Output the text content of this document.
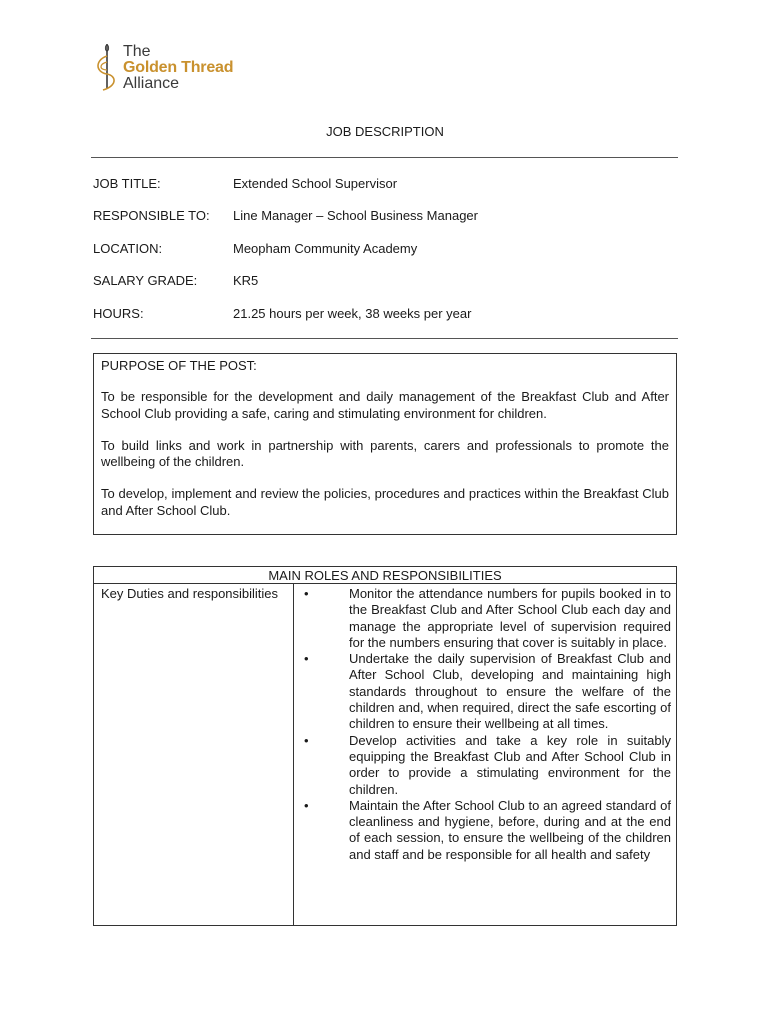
The
Golden Thread
Alliance
JOB DESCRIPTION
JOB TITLE:	Extended School Supervisor
RESPONSIBLE TO: Line Manager – School Business Manager
LOCATION:	Meopham Community Academy
SALARY GRADE:	KR5
HOURS:	21.25 hours per week, 38 weeks per year

PURPOSE OF THE POST:

To be responsible for the development and daily management of the Breakfast Club and After School Club providing a safe, caring and stimulating environment for children.

To build links and work in partnership with parents, carers and professionals to promote the wellbeing of the children.

To develop, implement and review the policies, procedures and practices within the Breakfast Club and After School Club.

MAIN ROLES AND RESPONSIBILITIES
Key Duties and responsibilities •	Monitor the attendance numbers for pupils booked in to the Breakfast Club and After School Club each day and manage the appropriate level of supervision required for the numbers ensuring that cover is suitably in place.
•	Undertake the daily supervision of Breakfast Club and After School Club, developing and maintaining high standards throughout to ensure the welfare of the children and, when required, direct the safe escorting of children to ensure their wellbeing at all times.
•	Develop activities and take a key role in suitably equipping the Breakfast Club and After School Club in order to provide a stimulating environment for the children.
•	Maintain the After School Club to an agreed standard of cleanliness and hygiene, before, during and at the end of each session, to ensure the wellbeing of the children and staff and be responsible for all health and safety
